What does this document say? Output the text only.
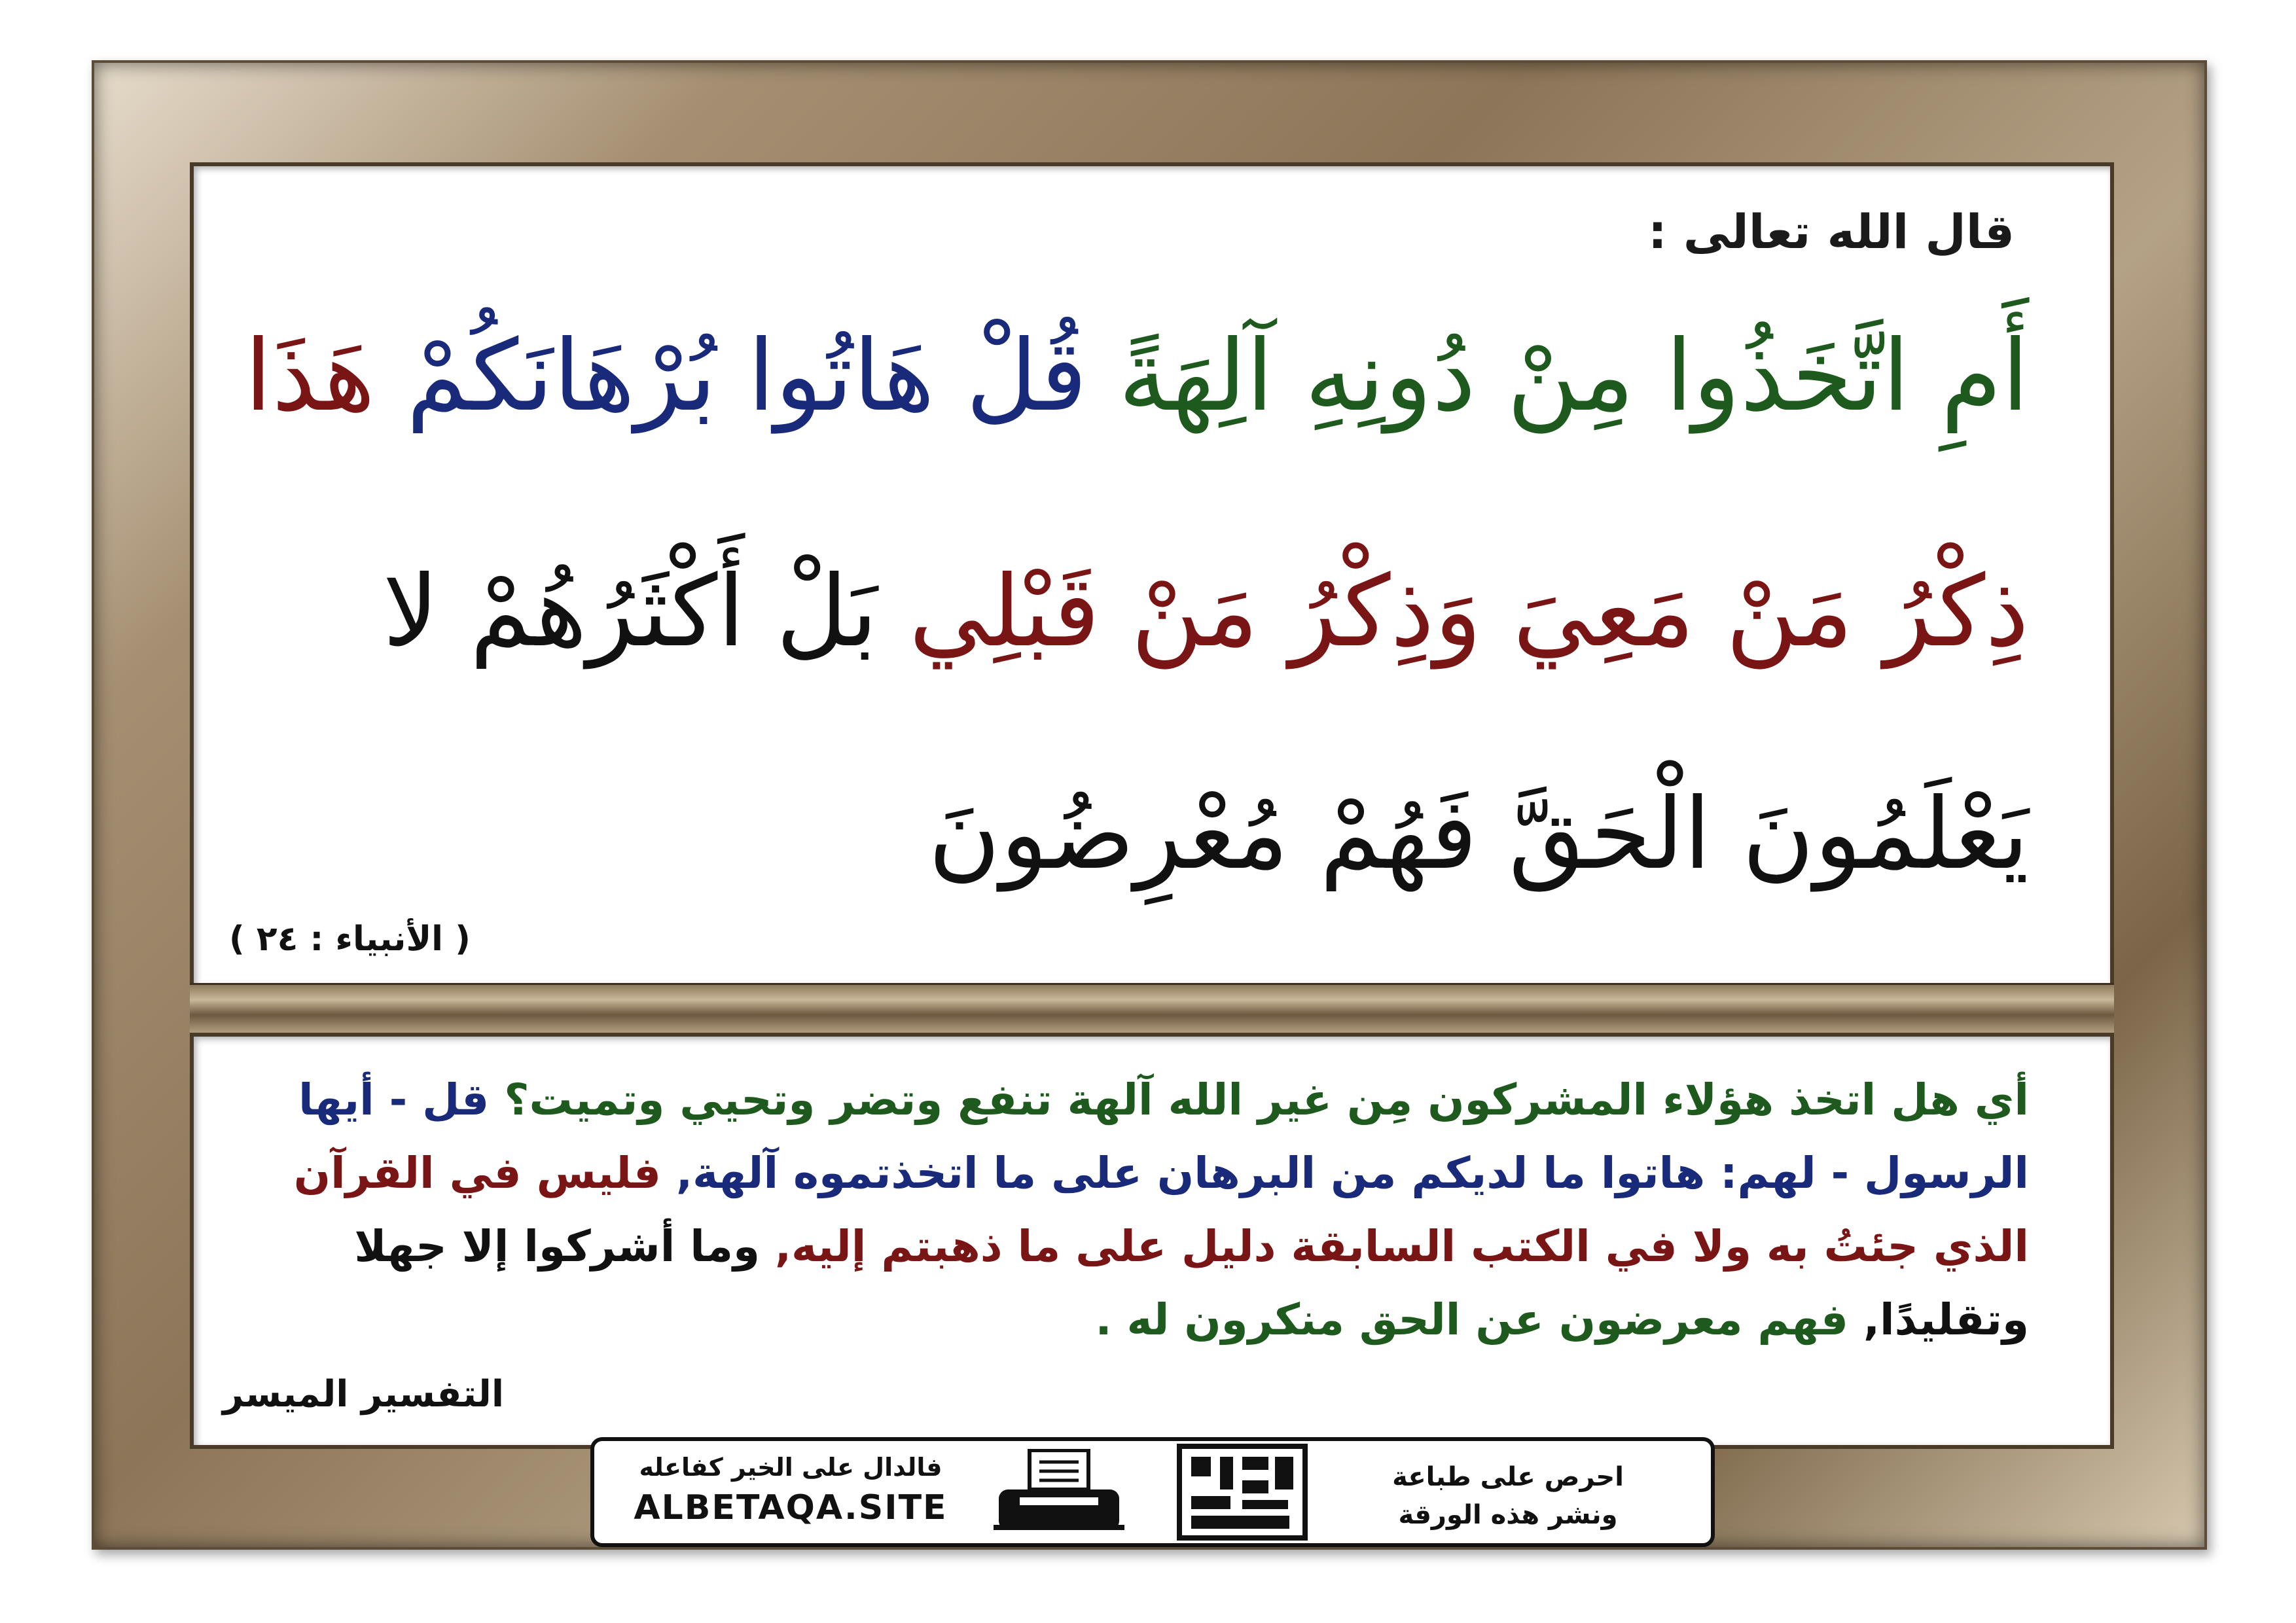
قال الله تعالى :
أَمِ اتَّخَذُوا مِنْ دُونِهِ آلِهَةً قُلْ هَاتُوا بُرْهَانَكُمْ هَذَا
ذِكْرُ مَنْ مَعِيَ وَذِكْرُ مَنْ قَبْلِي بَلْ أَكْثَرُهُمْ لا
يَعْلَمُونَ الْحَقَّ فَهُمْ مُعْرِضُونَ
( الأنبياء : ٢٤ )
أي هل اتخذ هؤلاء المشركون مِن غير الله آلهة تنفع وتضر وتحيي وتميت؟ قل - أيها
الرسول - لهم: هاتوا ما لديكم من البرهان على ما اتخذتموه آلهة, فليس في القرآن
الذي جئتُ به ولا في الكتب السابقة دليل على ما ذهبتم إليه, وما أشركوا إلا جهلا
وتقليدًا, فهم معرضون عن الحق منكرون له .
التفسير الميسر
فالدال على الخير كفاعله
ALBETAQA.SITE
احرص على طباعة
ونشر هذه الورقة
